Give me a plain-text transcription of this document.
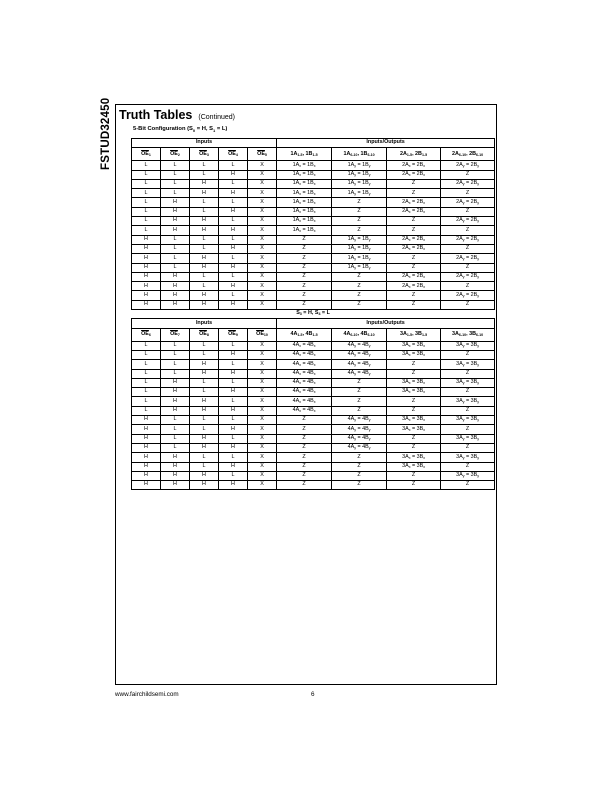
FSTUD32450 Truth Tables (Continued)
5-Bit Configuration ($S_0 = H$, $S_1 = L$)
Inputs					Inputs/Outputs			
$\overline{OE}_1$	$\overline{OE}_2$	$\overline{OE}_3$	$\overline{OE}_4$	$\overline{OE}_5$	$1A_{1-5}$, $1B_{1-5}$	$1A_{6-10}$, $1B_{6-10}$	$2A_{1-5}$, $2B_{1-5}$	$2A_{6-10}$, $2B_{6-10}$
L	L	L	L	X	$1A_x = 1B_x$	$1A_y = 1B_y$	$2A_x = 2B_x$	$2A_y = 2B_y$
L	L	L	H	X	$1A_x = 1B_x$	$1A_y = 1B_y$	$2A_x = 2B_x$	Z
L	L	H	L	X	$1A_x = 1B_x$	$1A_y = 1B_y$	Z	$2A_y = 2B_y$
L	L	H	H	X	$1A_x = 1B_x$	$1A_y = 1B_y$	Z	Z
L	H	L	L	X	$1A_x = 1B_x$	Z	$2A_x = 2B_x$	$2A_y = 2B_y$
L	H	L	H	X	$1A_x = 1B_x$	Z	$2A_x = 2B_x$	Z
L	H	H	L	X	$1A_x = 1B_x$	Z	Z	$2A_y = 2B_y$
L	H	H	H	X	$1A_x = 1B_x$	Z	Z	Z
H	L	L	L	X	Z	$1A_y = 1B_y$	$2A_x = 2B_x$	$2A_y = 2B_y$
H	L	L	H	X	Z	$1A_y = 1B_y$	$2A_x = 2B_x$	Z
H	L	H	L	X	Z	$1A_y = 1B_y$	Z	$2A_y = 2B_y$
H	L	H	H	X	Z	$1A_y = 1B_y$	Z	Z
H	H	L	L	X	Z	Z	$2A_x = 2B_x$	$2A_y = 2B_y$
H	H	L	H	X	Z	Z	$2A_x = 2B_x$	Z
H	H	H	L	X	Z	Z	Z	$2A_y = 2B_y$
H	H	H	H	X	Z	Z	Z	Z
$S_3 = H$, $S_4 = L$								
Inputs					Inputs/Outputs			
$\overline{OE}_6$	$\overline{OE}_7$	$\overline{OE}_8$	$\overline{OE}_9$	$\overline{OE}_{10}$	$4A_{1-5}$, $4B_{1-5}$	$4A_{6-10}$, $4B_{6-10}$	$3A_{1-5}$, $3B_{1-5}$	$3A_{6-10}$, $3B_{6-10}$
L	L	L	L	X	$4A_x = 4B_x$	$4A_y = 4B_y$	$3A_x = 3B_x$	$3A_y = 3B_y$
L	L	L	H	X	$4A_x = 4B_x$	$4A_y = 4B_y$	$3A_x = 3B_x$	Z
L	L	H	L	X	$4A_x = 4B_x$	$4A_y = 4B_y$	Z	$3A_y = 3B_y$
L	L	H	H	X	$4A_x = 4B_x$	$4A_y = 4B_y$	Z	Z
L	H	L	L	X	$4A_x = 4B_x$	Z	$3A_x = 3B_x$	$3A_y = 3B_y$
L	H	L	H	X	$4A_x = 4B_x$	Z	$3A_x = 3B_x$	Z
L	H	H	L	X	$4A_x = 4B_x$	Z	Z	$3A_y = 3B_y$
L	H	H	H	X	$4A_x = 4B_x$	Z	Z	Z
H	L	L	L	X	Z	$4A_y = 4B_y$	$3A_x = 3B_x$	$3A_y = 3B_y$
H	L	L	H	X	Z	$4A_y = 4B_y$	$3A_x = 3B_x$	Z
H	L	H	L	X	Z	$4A_y = 4B_y$	Z	$3A_y = 3B_y$
H	L	H	H	X	Z	$4A_y = 4B_y$	Z	Z
H	H	L	L	X	Z	Z	$3A_x = 3B_x$	$3A_y = 3B_y$
H	H	L	H	X	Z	Z	$3A_x = 3B_x$	Z
H	H	H	L	X	Z	Z	Z	$3A_y = 3B_y$
H	H	H	H	X	Z	Z	Z	Z
www.fairchildsemi.com	6
